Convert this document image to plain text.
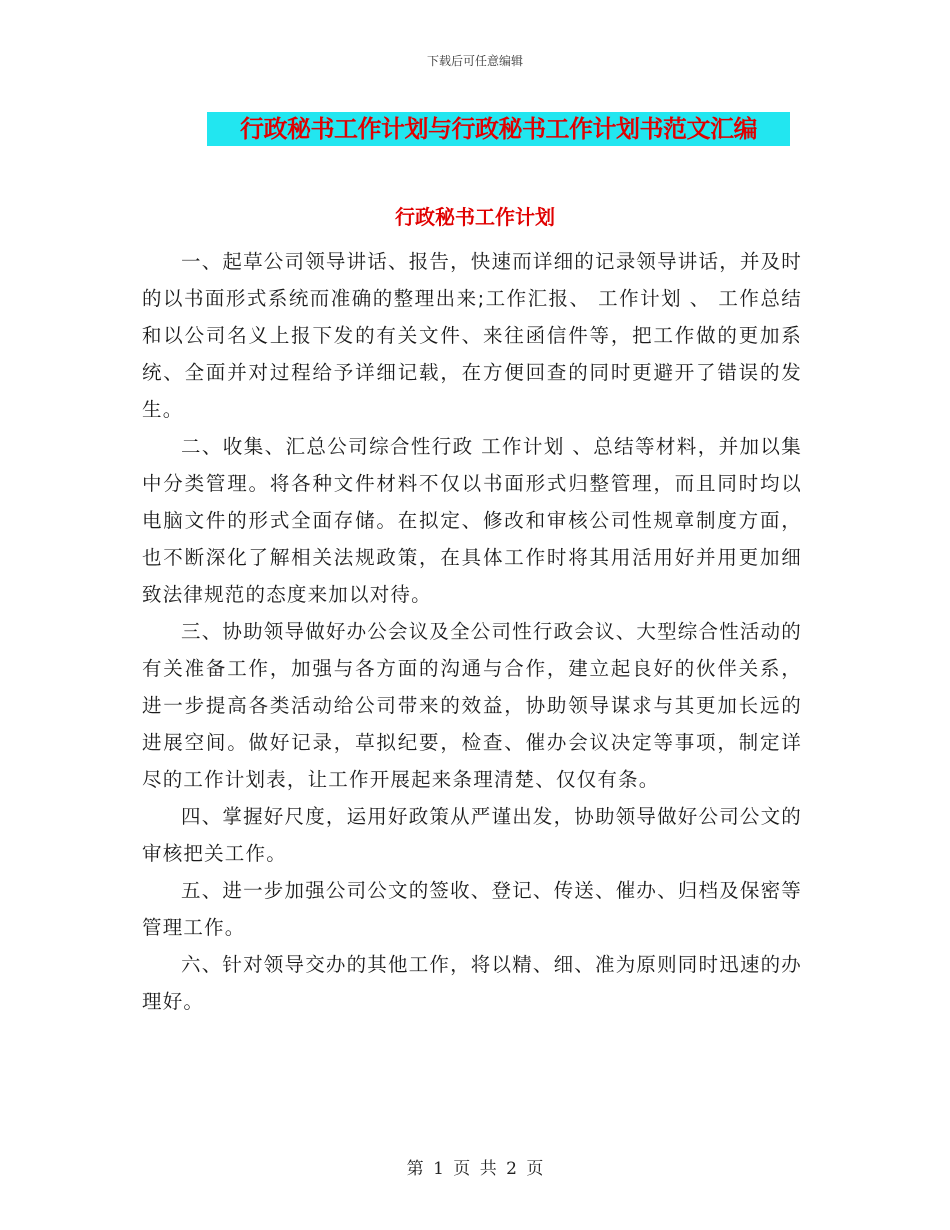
下载后可任意编辑
行政秘书工作计划与行政秘书工作计划书范文汇编
行政秘书工作计划

一、起草公司领导讲话、报告，快速而详细的记录领导讲话，并及时的以书面形式系统而准确的整理出来;工作汇报、 工作计划 、 工作总结 和以公司名义上报下发的有关文件、来往函信件等，把工作做的更加系统、全面并对过程给予详细记载，在方便回查的同时更避开了错误的发生。

二、收集、汇总公司综合性行政 工作计划 、总结等材料，并加以集中分类管理。将各种文件材料不仅以书面形式归整管理，而且同时均以电脑文件的形式全面存储。在拟定、修改和审核公司性规章制度方面，也不断深化了解相关法规政策，在具体工作时将其用活用好并用更加细致法律规范的态度来加以对待。

三、协助领导做好办公会议及全公司性行政会议、大型综合性活动的有关准备工作，加强与各方面的沟通与合作，建立起良好的伙伴关系，进一步提高各类活动给公司带来的效益，协助领导谋求与其更加长远的进展空间。做好记录，草拟纪要，检查、催办会议决定等事项，制定详尽的工作计划表，让工作开展起来条理清楚、仅仅有条。

四、掌握好尺度，运用好政策从严谨出发，协助领导做好公司公文的审核把关工作。

五、进一步加强公司公文的签收、登记、传送、催办、归档及保密等管理工作。

六、针对领导交办的其他工作，将以精、细、准为原则同时迅速的办理好。

第 1 页 共 2 页
